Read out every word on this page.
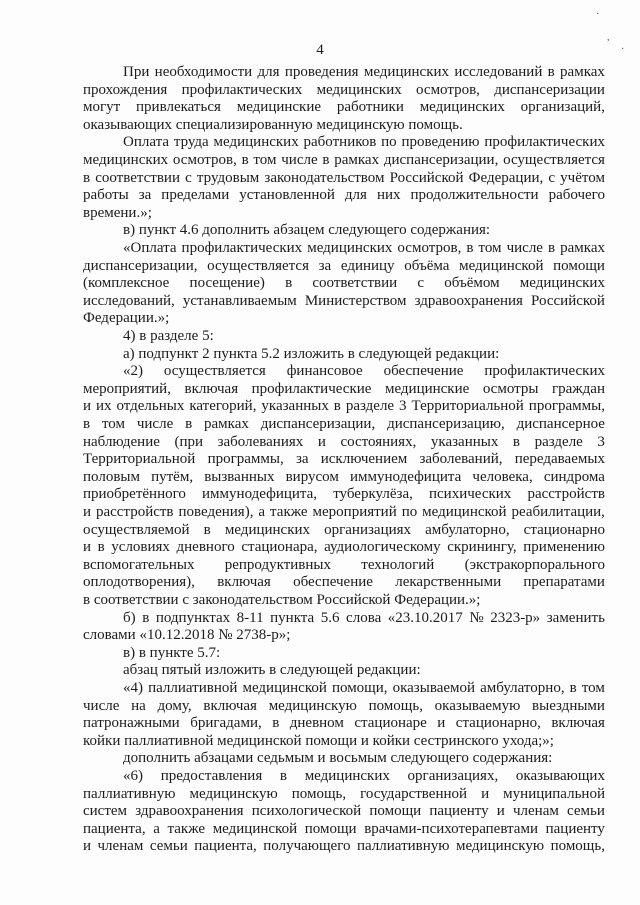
4
·
,
·
При необходимости для проведения медицинских исследований в рамках
прохождения профилактических медицинских осмотров, диспансеризации
могут привлекаться медицинские работники медицинских организаций,
оказывающих специализированную медицинскую помощь.
Оплата труда медицинских работников по проведению профилактических
медицинских осмотров, в том числе в рамках диспансеризации, осуществляется
в соответствии с трудовым законодательством Российской Федерации, с учётом
работы за пределами установленной для них продолжительности рабочего
времени.»;
в) пункт 4.6 дополнить абзацем следующего содержания:
«Оплата профилактических медицинских осмотров, в том числе в рамках
диспансеризации, осуществляется за единицу объёма медицинской помощи
(комплексное посещение) в соответствии с объёмом медицинских
исследований, устанавливаемым Министерством здравоохранения Российской
Федерации.»;
4) в разделе 5:
а) подпункт 2 пункта 5.2 изложить в следующей редакции:
«2) осуществляется финансовое обеспечение профилактических
мероприятий, включая профилактические медицинские осмотры граждан
и их отдельных категорий, указанных в разделе 3 Территориальной программы,
в том числе в рамках диспансеризации, диспансеризацию, диспансерное
наблюдение (при заболеваниях и состояниях, указанных в разделе 3
Территориальной программы, за исключением заболеваний, передаваемых
половым путём, вызванных вирусом иммунодефицита человека, синдрома
приобретённого иммунодефицита, туберкулёза, психических расстройств
и расстройств поведения), а также мероприятий по медицинской реабилитации,
осуществляемой в медицинских организациях амбулаторно, стационарно
и в условиях дневного стационара, аудиологическому скринингу, применению
вспомогательных репродуктивных технологий (экстракорпорального
оплодотворения), включая обеспечение лекарственными препаратами
в соответствии с законодательством Российской Федерации.»;
б) в подпунктах 8-11 пункта 5.6 слова «23.10.2017 № 2323-р» заменить
словами «10.12.2018 № 2738-р»;
в) в пункте 5.7:
абзац пятый изложить в следующей редакции:
«4) паллиативной медицинской помощи, оказываемой амбулаторно, в том
числе на дому, включая медицинскую помощь, оказываемую выездными
патронажными бригадами, в дневном стационаре и стационарно, включая
койки паллиативной медицинской помощи и койки сестринского ухода;»;
дополнить абзацами седьмым и восьмым следующего содержания:
«6) предоставления в медицинских организациях, оказывающих
паллиативную медицинскую помощь, государственной и муниципальной
систем здравоохранения психологической помощи пациенту и членам семьи
пациента, а также медицинской помощи врачами-психотерапевтами пациенту
и членам семьи пациента, получающего паллиативную медицинскую помощь,
